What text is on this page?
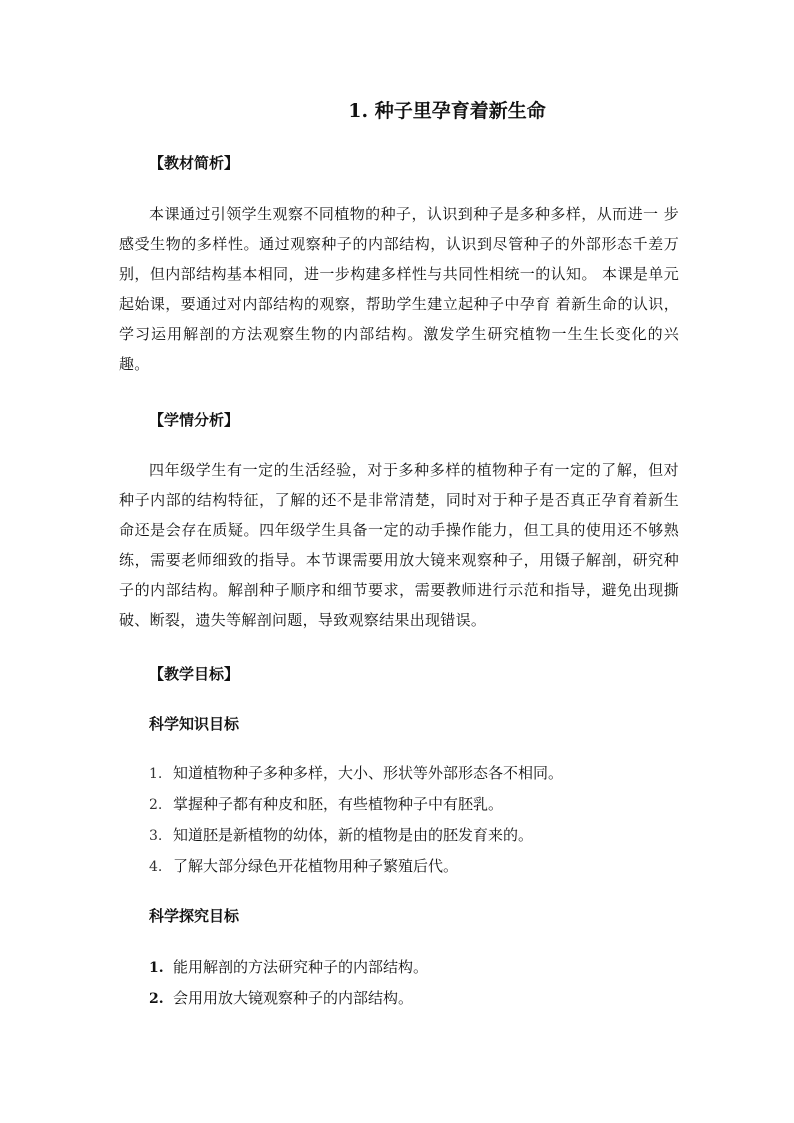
1. 种子里孕育着新生命
【教材简析】

本课通过引领学生观察不同植物的种子，认识到种子是多种多样，从而进一 步感受生物的多样性。通过观察种子的内部结构，认识到尽管种子的外部形态千差万别，但内部结构基本相同，进一步构建多样性与共同性相统一的认知。 本课是单元起始课，要通过对内部结构的观察，帮助学生建立起种子中孕育 着新生命的认识，学习运用解剖的方法观察生物的内部结构。激发学生研究植物一生生长变化的兴趣。

【学情分析】

四年级学生有一定的生活经验，对于多种多样的植物种子有一定的了解，但对种子内部的结构特征，了解的还不是非常清楚，同时对于种子是否真正孕育着新生命还是会存在质疑。四年级学生具备一定的动手操作能力，但工具的使用还不够熟练，需要老师细致的指导。本节课需要用放大镜来观察种子，用镊子解剖，研究种子的内部结构。解剖种子顺序和细节要求，需要教师进行示范和指导，避免出现撕破、断裂，遗失等解剖问题，导致观察结果出现错误。

【教学目标】
科学知识目标
1. 知道植物种子多种多样，大小、形状等外部形态各不相同。
2. 掌握种子都有种皮和胚，有些植物种子中有胚乳。
3. 知道胚是新植物的幼体，新的植物是由的胚发育来的。
4. 了解大部分绿色开花植物用种子繁殖后代。
科学探究目标
1. 能用解剖的方法研究种子的内部结构。
2. 会用用放大镜观察种子的内部结构。
